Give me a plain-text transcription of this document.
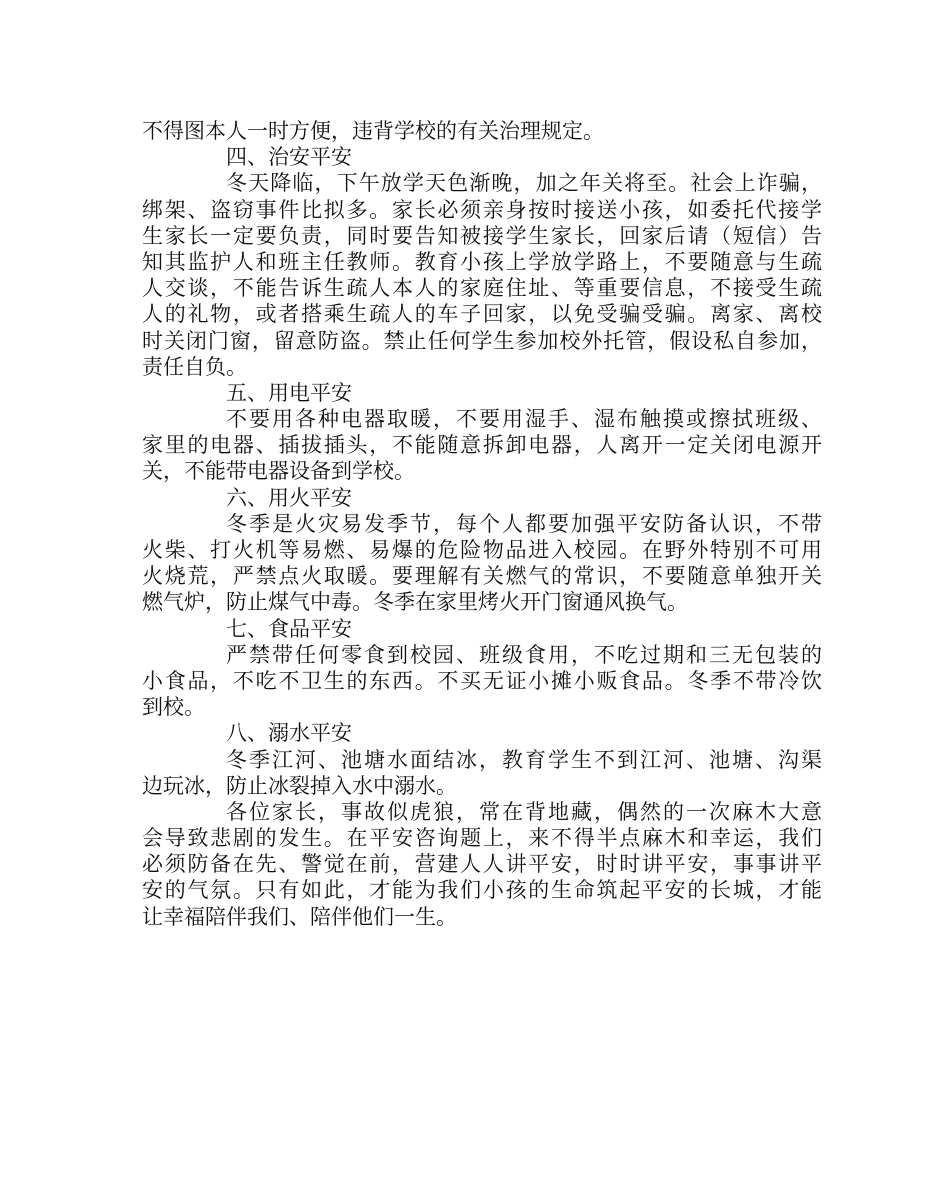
不得图本人一时方便，违背学校的有关治理规定。
四、治安平安
冬天降临，下午放学天色渐晚，加之年关将至。社会上诈骗，
绑架、盗窃事件比拟多。家长必须亲身按时接送小孩，如委托代接学
生家长一定要负责，同时要告知被接学生家长，回家后请（短信）告
知其监护人和班主任教师。教育小孩上学放学路上，不要随意与生疏
人交谈，不能告诉生疏人本人的家庭住址、等重要信息，不接受生疏
人的礼物，或者搭乘生疏人的车子回家，以免受骗受骗。离家、离校
时关闭门窗，留意防盗。禁止任何学生参加校外托管，假设私自参加，
责任自负。
五、用电平安
不要用各种电器取暖，不要用湿手、湿布触摸或擦拭班级、
家里的电器、插拔插头，不能随意拆卸电器，人离开一定关闭电源开
关，不能带电器设备到学校。
六、用火平安
冬季是火灾易发季节，每个人都要加强平安防备认识，不带
火柴、打火机等易燃、易爆的危险物品进入校园。在野外特别不可用
火烧荒，严禁点火取暖。要理解有关燃气的常识，不要随意单独开关
燃气炉，防止煤气中毒。冬季在家里烤火开门窗通风换气。
七、食品平安
严禁带任何零食到校园、班级食用，不吃过期和三无包装的
小食品，不吃不卫生的东西。不买无证小摊小贩食品。冬季不带冷饮
到校。
八、溺水平安
冬季江河、池塘水面结冰，教育学生不到江河、池塘、沟渠
边玩冰，防止冰裂掉入水中溺水。
各位家长，事故似虎狼，常在背地藏，偶然的一次麻木大意
会导致悲剧的发生。在平安咨询题上，来不得半点麻木和幸运，我们
必须防备在先、警觉在前，营建人人讲平安，时时讲平安，事事讲平
安的气氛。只有如此，才能为我们小孩的生命筑起平安的长城，才能
让幸福陪伴我们、陪伴他们一生。
